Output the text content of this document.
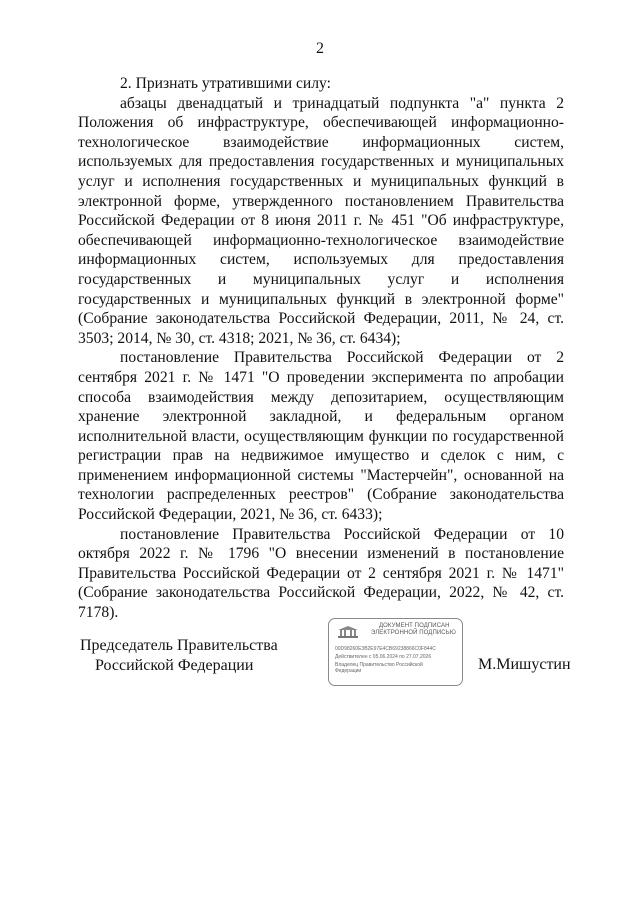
2

2. Признать утратившими силу:

абзацы двенадцатый и тринадцатый подпункта "а" пункта 2 Положения об инфраструктуре, обеспечивающей информационно-технологическое взаимодействие информационных систем, используемых для предоставления государственных и муниципальных услуг и исполнения государственных и муниципальных функций в электронной форме, утвержденного постановлением Правительства Российской Федерации от 8 июня 2011 г. № 451 "Об инфраструктуре, обеспечивающей информационно-технологическое взаимодействие информационных систем, используемых для предоставления государственных и муниципальных услуг и исполнения государственных и муниципальных функций в электронной форме" (Собрание законодательства Российской Федерации, 2011, № 24, ст. 3503; 2014, № 30, ст. 4318; 2021, № 36, ст. 6434);

постановление Правительства Российской Федерации от 2 сентября 2021 г. № 1471 "О проведении эксперимента по апробации способа взаимодействия между депозитарием, осуществляющим хранение электронной закладной, и федеральным органом исполнительной власти, осуществляющим функции по государственной регистрации прав на недвижимое имущество и сделок с ним, с применением информационной системы "Мастерчейн", основанной на технологии распределенных реестров" (Собрание законодательства Российской Федерации, 2021, № 36, ст. 6433);

постановление Правительства Российской Федерации от 10 октября 2022 г. № 1796 "О внесении изменений в постановление Правительства Российской Федерации от 2 сентября 2021 г. № 1471" (Собрание законодательства Российской Федерации, 2022, № 42, ст. 7178).

Председатель Правительства

Российской Федерации

ДОКУМЕНТ ПОДПИСАН
ЭЛЕКТРОННОЙ ПОДПИСЬЮ
00D98260E3B2E97E4CB69238866C0F844C
Действителен с 05.06.2024 по 27.07.2026
Владелец Правительство Российской
Федерации	М.Мишустин
